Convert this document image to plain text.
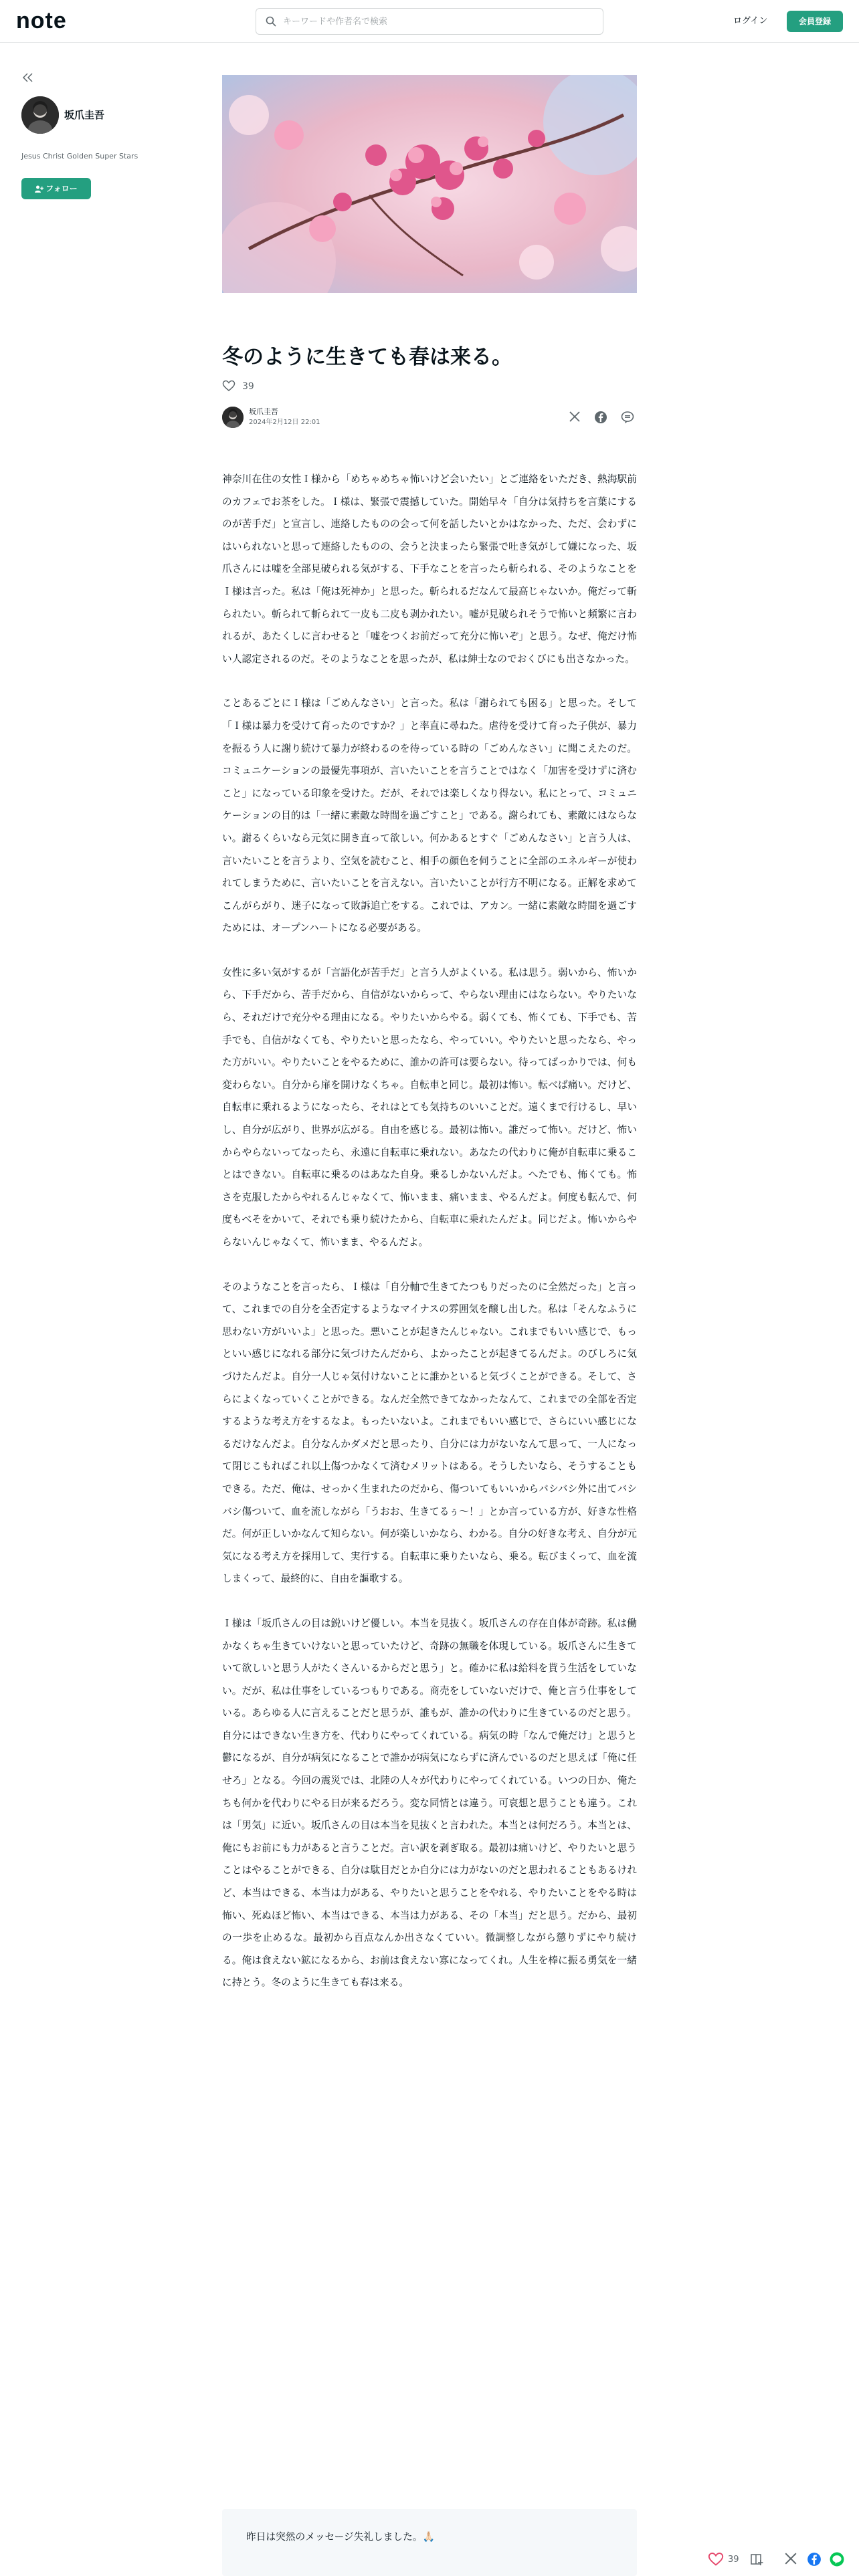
note
キーワードや作者名で検索	ログイン	会員登録
坂爪圭吾
Jesus Christ Golden Super Stars
フォロー
冬のように生きても春は来る。
39
坂爪圭吾
2024年2月12日 22:01

神奈川在住の女性Ｉ様から「めちゃめちゃ怖いけど会いたい」とご連絡をいただき、熱海駅前のカフェでお茶をした。Ｉ様は、緊張で震撼していた。開始早々「自分は気持ちを言葉にするのが苦手だ」と宣言し、連絡したものの会って何を話したいとかはなかった、ただ、会わずにはいられないと思って連絡したものの、会うと決まったら緊張で吐き気がして嫌になった、坂爪さんには嘘を全部見破られる気がする、下手なことを言ったら斬られる、そのようなことをＩ様は言った。私は「俺は死神か」と思った。斬られるだなんて最高じゃないか。俺だって斬られたい。斬られて斬られて一皮も二皮も剥かれたい。嘘が見破られそうで怖いと頻繁に言われるが、あたくしに言わせると「嘘をつくお前だって充分に怖いぞ」と思う。なぜ、俺だけ怖い人認定されるのだ。そのようなことを思ったが、私は紳士なのでおくびにも出さなかった。

ことあるごとにＩ様は「ごめんなさい」と言った。私は「謝られても困る」と思った。そして「Ｉ様は暴力を受けて育ったのですか？」と率直に尋ねた。虐待を受けて育った子供が、暴力を振るう人に謝り続けて暴力が終わるのを待っている時の「ごめんなさい」に聞こえたのだ。コミュニケーションの最優先事項が、言いたいことを言うことではなく「加害を受けずに済むこと」になっている印象を受けた。だが、それでは楽しくなり得ない。私にとって、コミュニケーションの目的は「一緒に素敵な時間を過ごすこと」である。謝られても、素敵にはならない。謝るくらいなら元気に開き直って欲しい。何かあるとすぐ「ごめんなさい」と言う人は、言いたいことを言うより、空気を読むこと、相手の顔色を伺うことに全部のエネルギーが使われてしまうために、言いたいことを言えない。言いたいことが行方不明になる。正解を求めてこんがらがり、迷子になって敗訴追亡をする。これでは、アカン。一緒に素敵な時間を過ごすためには、オープンハートになる必要がある。

女性に多い気がするが「言語化が苦手だ」と言う人がよくいる。私は思う。弱いから、怖いから、下手だから、苦手だから、自信がないからって、やらない理由にはならない。やりたいなら、それだけで充分やる理由になる。やりたいからやる。弱くても、怖くても、下手でも、苦手でも、自信がなくても、やりたいと思ったなら、やっていい。やりたいと思ったなら、やった方がいい。やりたいことをやるために、誰かの許可は要らない。待ってばっかりでは、何も変わらない。自分から扉を開けなくちゃ。自転車と同じ。最初は怖い。転べば痛い。だけど、自転車に乗れるようになったら、それはとても気持ちのいいことだ。遠くまで行けるし、早いし、自分が広がり、世界が広がる。自由を感じる。最初は怖い。誰だって怖い。だけど、怖いからやらないってなったら、永遠に自転車に乗れない。あなたの代わりに俺が自転車に乗ることはできない。自転車に乗るのはあなた自身。乗るしかないんだよ。へたでも、怖くても。怖さを克服したからやれるんじゃなくて、怖いまま、痛いまま、やるんだよ。何度も転んで、何度もべそをかいて、それでも乗り続けたから、自転車に乗れたんだよ。同じだよ。怖いからやらないんじゃなくて、怖いまま、やるんだよ。

そのようなことを言ったら、Ｉ様は「自分軸で生きてたつもりだったのに全然だった」と言って、これまでの自分を全否定するようなマイナスの雰囲気を醸し出した。私は「そんなふうに思わない方がいいよ」と思った。悪いことが起きたんじゃない。これまでもいい感じで、もっといい感じになれる部分に気づけたんだから、よかったことが起きてるんだよ。のびしろに気づけたんだよ。自分一人じゃ気付けないことに誰かといると気づくことができる。そして、さらによくなっていくことができる。なんだ全然できてなかったなんて、これまでの全部を否定するような考え方をするなよ。もったいないよ。これまでもいい感じで、さらにいい感じになるだけなんだよ。自分なんかダメだと思ったり、自分には力がないなんて思って、一人になって閉じこもればこれ以上傷つかなくて済むメリットはある。そうしたいなら、そうすることもできる。ただ、俺は、せっかく生まれたのだから、傷ついてもいいからバシバシ外に出てバシバシ傷ついて、血を流しながら「うおお、生きてるぅ〜！」とか言っている方が、好きな性格だ。何が正しいかなんて知らない。何が楽しいかなら、わかる。自分の好きな考え、自分が元気になる考え方を採用して、実行する。自転車に乗りたいなら、乗る。転びまくって、血を流しまくって、最終的に、自由を謳歌する。

Ｉ様は「坂爪さんの目は鋭いけど優しい。本当を見抜く。坂爪さんの存在自体が奇跡。私は働かなくちゃ生きていけないと思っていたけど、奇跡の無職を体現している。坂爪さんに生きていて欲しいと思う人がたくさんいるからだと思う」と。確かに私は給料を貰う生活をしていない。だが、私は仕事をしているつもりである。商売をしていないだけで、俺と言う仕事をしている。あらゆる人に言えることだと思うが、誰もが、誰かの代わりに生きているのだと思う。自分にはできない生き方を、代わりにやってくれている。病気の時「なんで俺だけ」と思うと鬱になるが、自分が病気になることで誰かが病気にならずに済んでいるのだと思えば「俺に任せろ」となる。今回の震災では、北陸の人々が代わりにやってくれている。いつの日か、俺たちも何かを代わりにやる日が来るだろう。変な同情とは違う。可哀想と思うことも違う。これは「男気」に近い。坂爪さんの目は本当を見抜くと言われた。本当とは何だろう。本当とは、俺にもお前にも力があると言うことだ。言い訳を剥ぎ取る。最初は痛いけど、やりたいと思うことはやることができる、自分は駄目だとか自分には力がないのだと思われることもあるけれど、本当はできる、本当は力がある、やりたいと思うことをやれる、やりたいことをやる時は怖い、死ぬほど怖い、本当はできる、本当は力がある、その「本当」だと思う。だから、最初の一歩を止めるな。最初から百点なんか出さなくていい。微調整しながら懲りずにやり続ける。俺は食えない鉱になるから、お前は食えない寡になってくれ。人生を棒に振る勇気を一緒に持とう。冬のように生きても春は来る。

昨日は突然のメッセージ失礼しました。🙏🏻
39
